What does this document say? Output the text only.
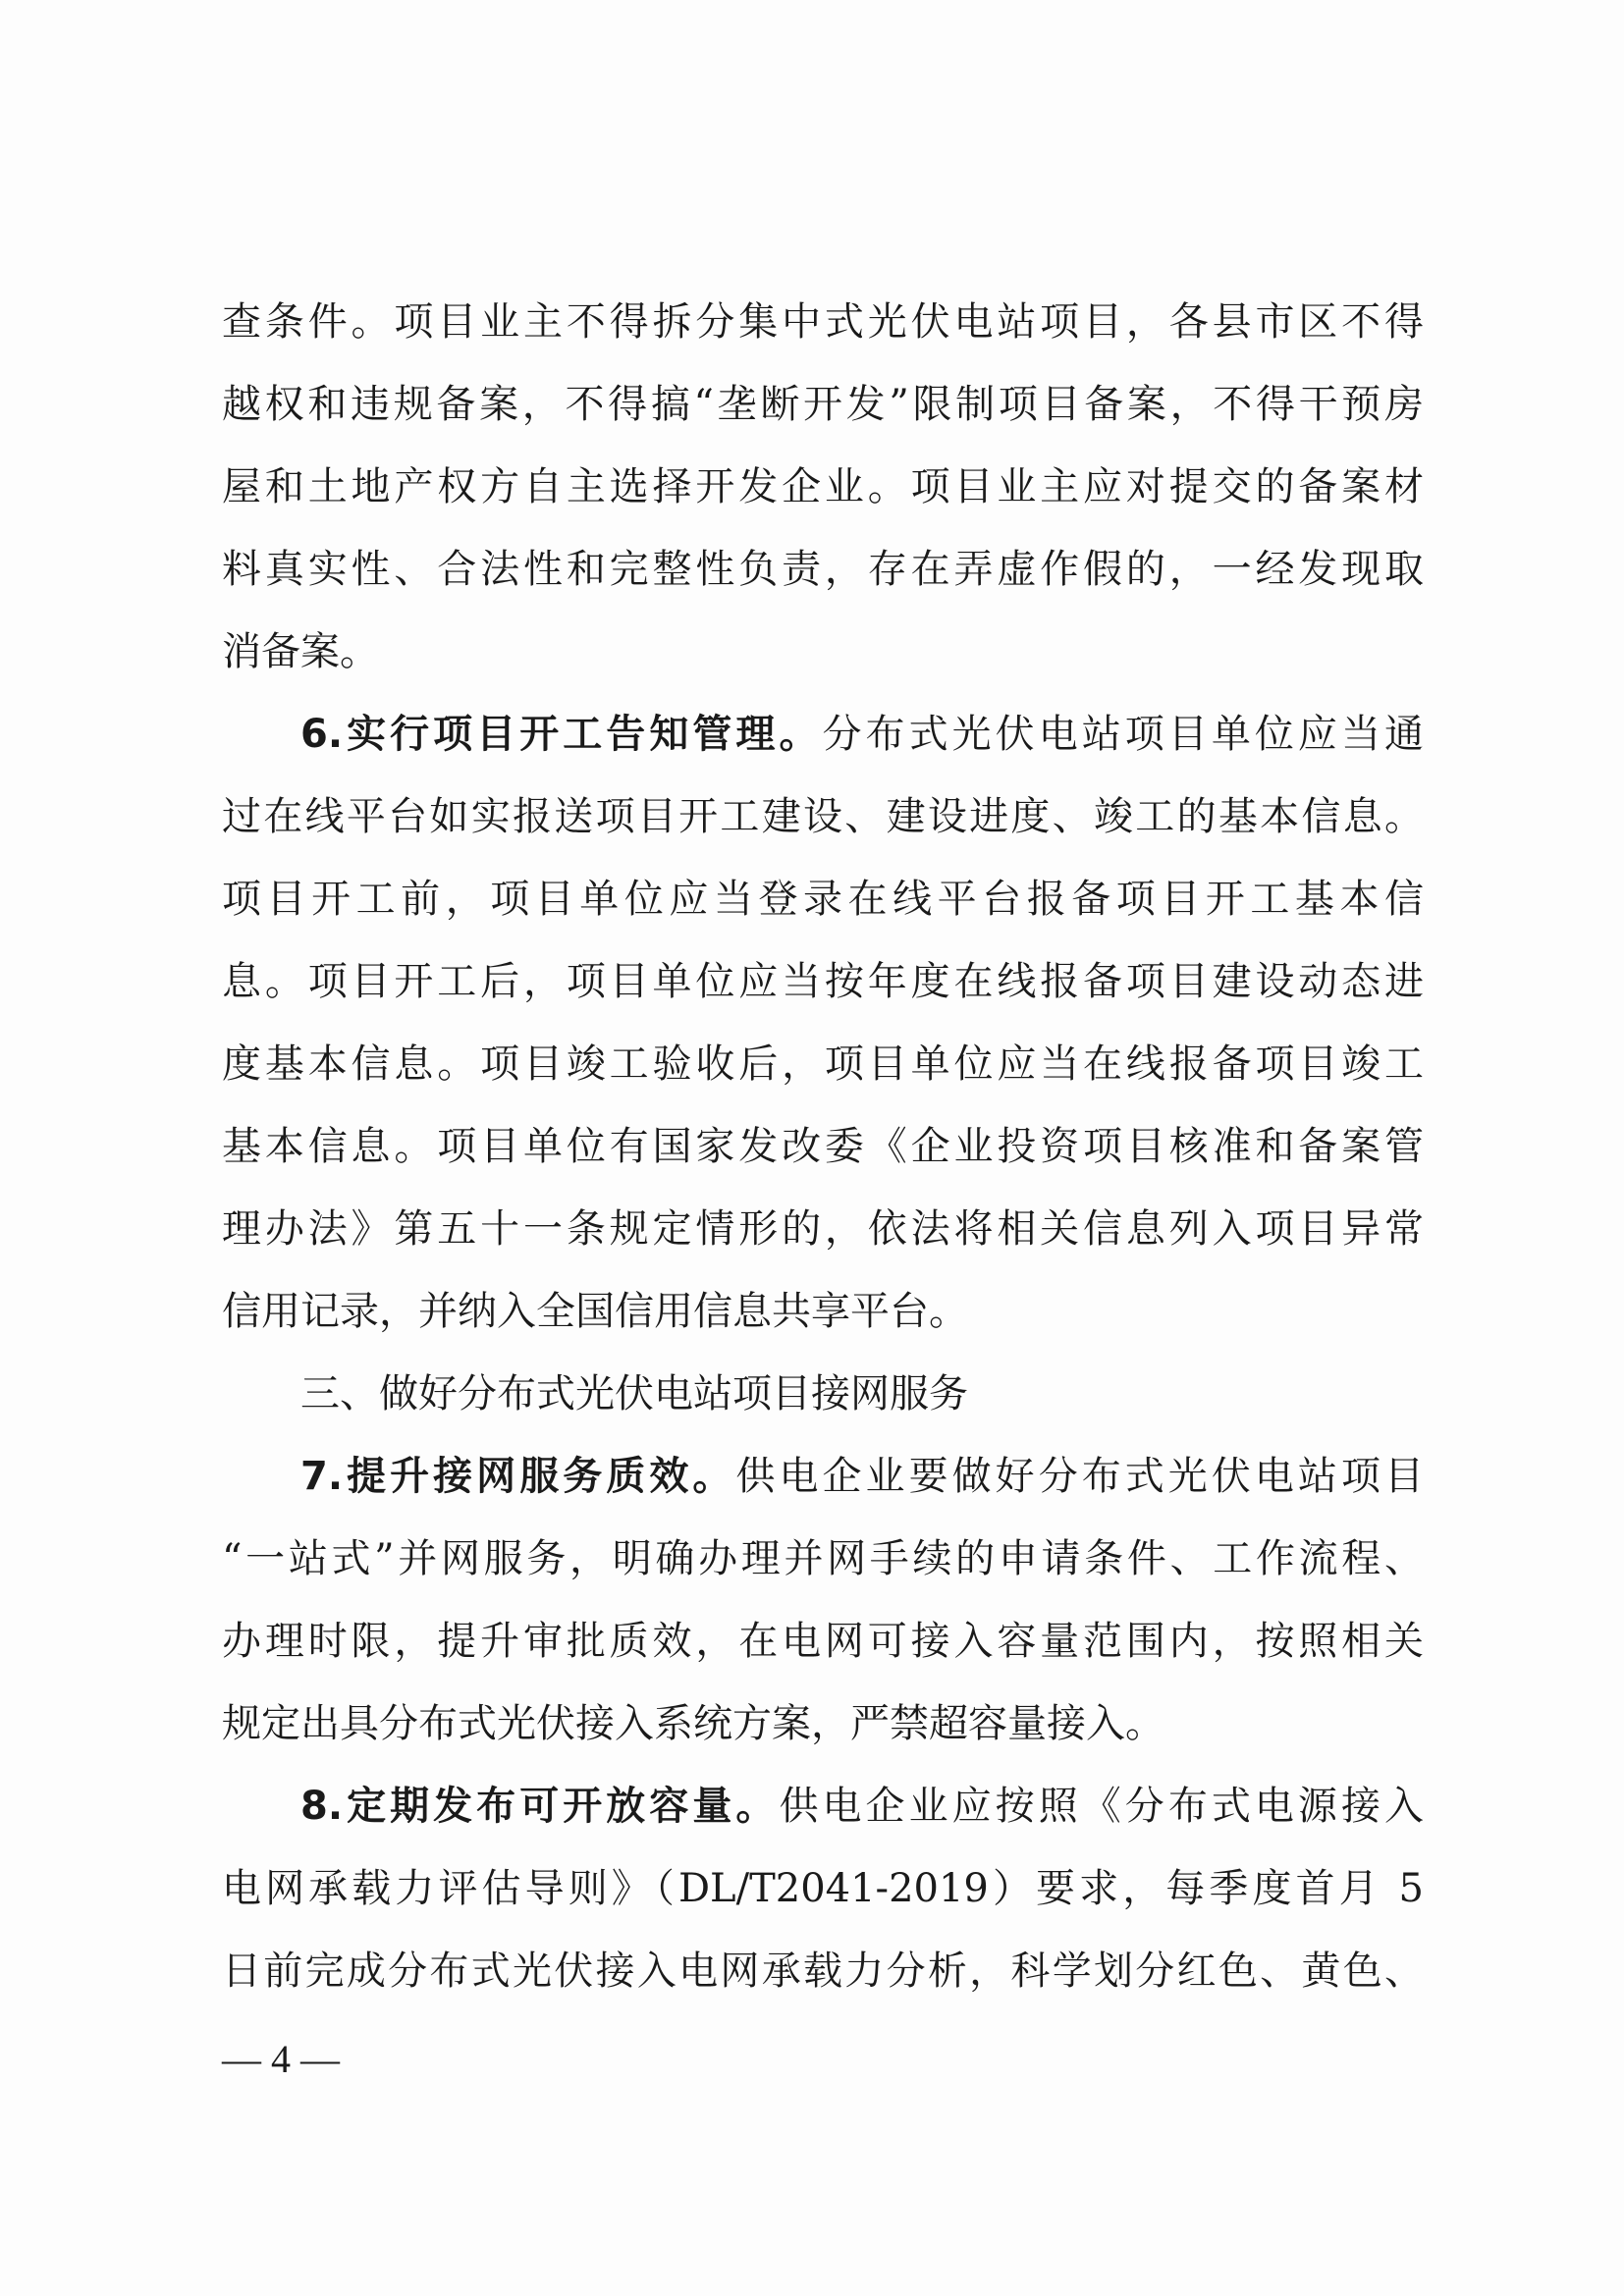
查条件。项目业主不得拆分集中式光伏电站项目，各县市区不得
越权和违规备案，不得搞“垄断开发”限制项目备案，不得干预房
屋和土地产权方自主选择开发企业。项目业主应对提交的备案材
料真实性、合法性和完整性负责，存在弄虚作假的，一经发现取
消备案。
6.实行项目开工告知管理。分布式光伏电站项目单位应当通
过在线平台如实报送项目开工建设、建设进度、竣工的基本信息。
项目开工前，项目单位应当登录在线平台报备项目开工基本信
息。项目开工后，项目单位应当按年度在线报备项目建设动态进
度基本信息。项目竣工验收后，项目单位应当在线报备项目竣工
基本信息。项目单位有国家发改委《企业投资项目核准和备案管
理办法》第五十一条规定情形的，依法将相关信息列入项目异常
信用记录，并纳入全国信用信息共享平台。
三、做好分布式光伏电站项目接网服务
7.提升接网服务质效。供电企业要做好分布式光伏电站项目
“一站式”并网服务，明确办理并网手续的申请条件、工作流程、
办理时限，提升审批质效，在电网可接入容量范围内，按照相关
规定出具分布式光伏接入系统方案，严禁超容量接入。
8.定期发布可开放容量。供电企业应按照《分布式电源接入
电网承载力评估导则》（DL/T2041-2019）要求，每季度首月 5
日前完成分布式光伏接入电网承载力分析，科学划分红色、黄色、
— 4 —
